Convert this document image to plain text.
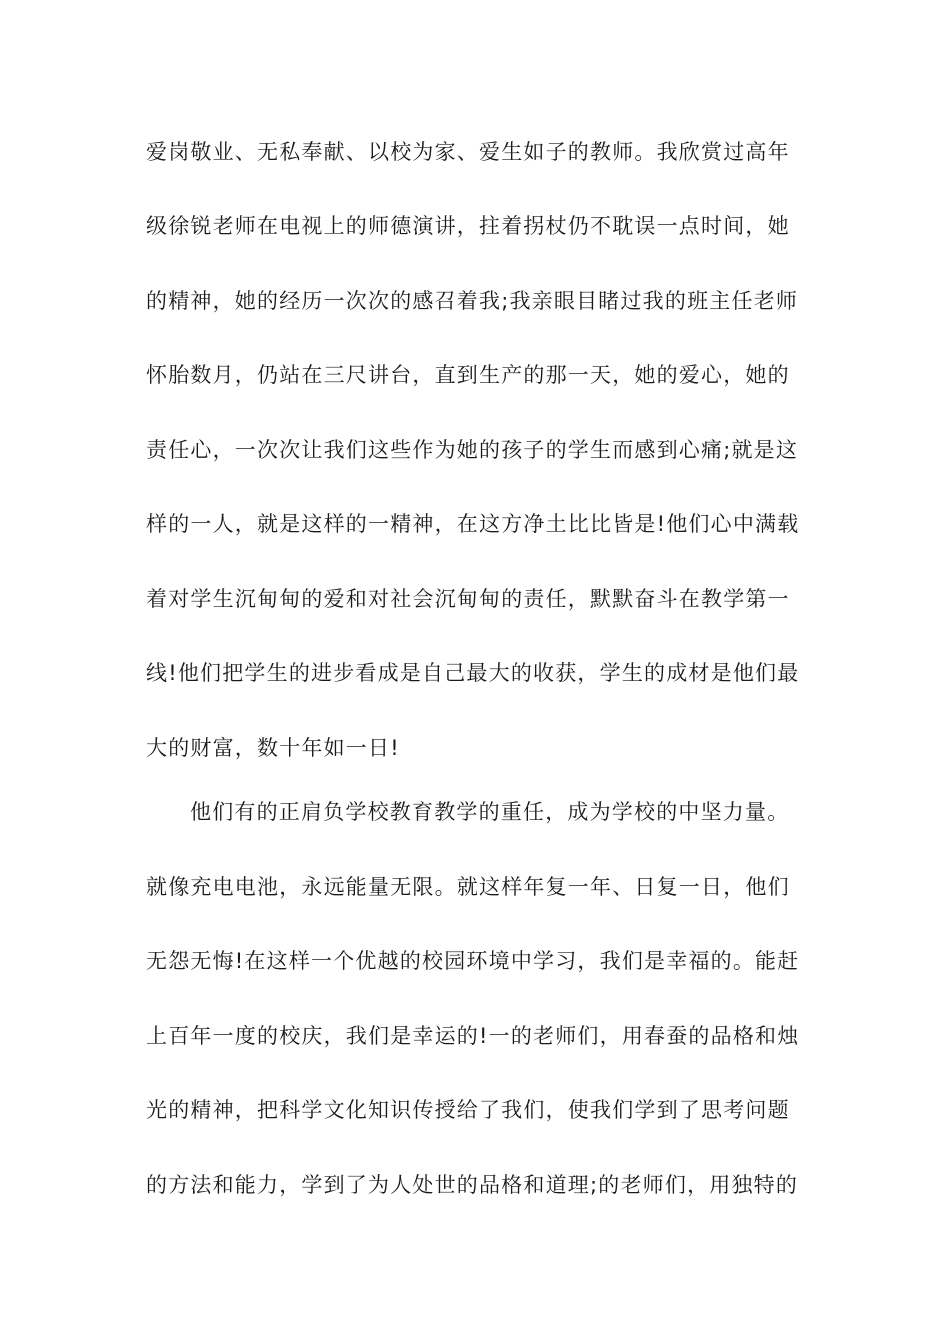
爱岗敬业、无私奉献、以校为家、爱生如子的教师。我欣赏过高年
级徐锐老师在电视上的师德演讲，拄着拐杖仍不耽误一点时间，她
的精神，她的经历一次次的感召着我;我亲眼目睹过我的班主任老师
怀胎数月，仍站在三尺讲台，直到生产的那一天，她的爱心，她的
责任心，一次次让我们这些作为她的孩子的学生而感到心痛;就是这
样的一人，就是这样的一精神，在这方净土比比皆是!他们心中满载
着对学生沉甸甸的爱和对社会沉甸甸的责任，默默奋斗在教学第一
线!他们把学生的进步看成是自己最大的收获，学生的成材是他们最
大的财富，数十年如一日!
他们有的正肩负学校教育教学的重任，成为学校的中坚力量。
就像充电电池，永远能量无限。就这样年复一年、日复一日，他们
无怨无悔!在这样一个优越的校园环境中学习，我们是幸福的。能赶
上百年一度的校庆，我们是幸运的!一的老师们，用春蚕的品格和烛
光的精神，把科学文化知识传授给了我们，使我们学到了思考问题
的方法和能力，学到了为人处世的品格和道理;的老师们，用独特的
